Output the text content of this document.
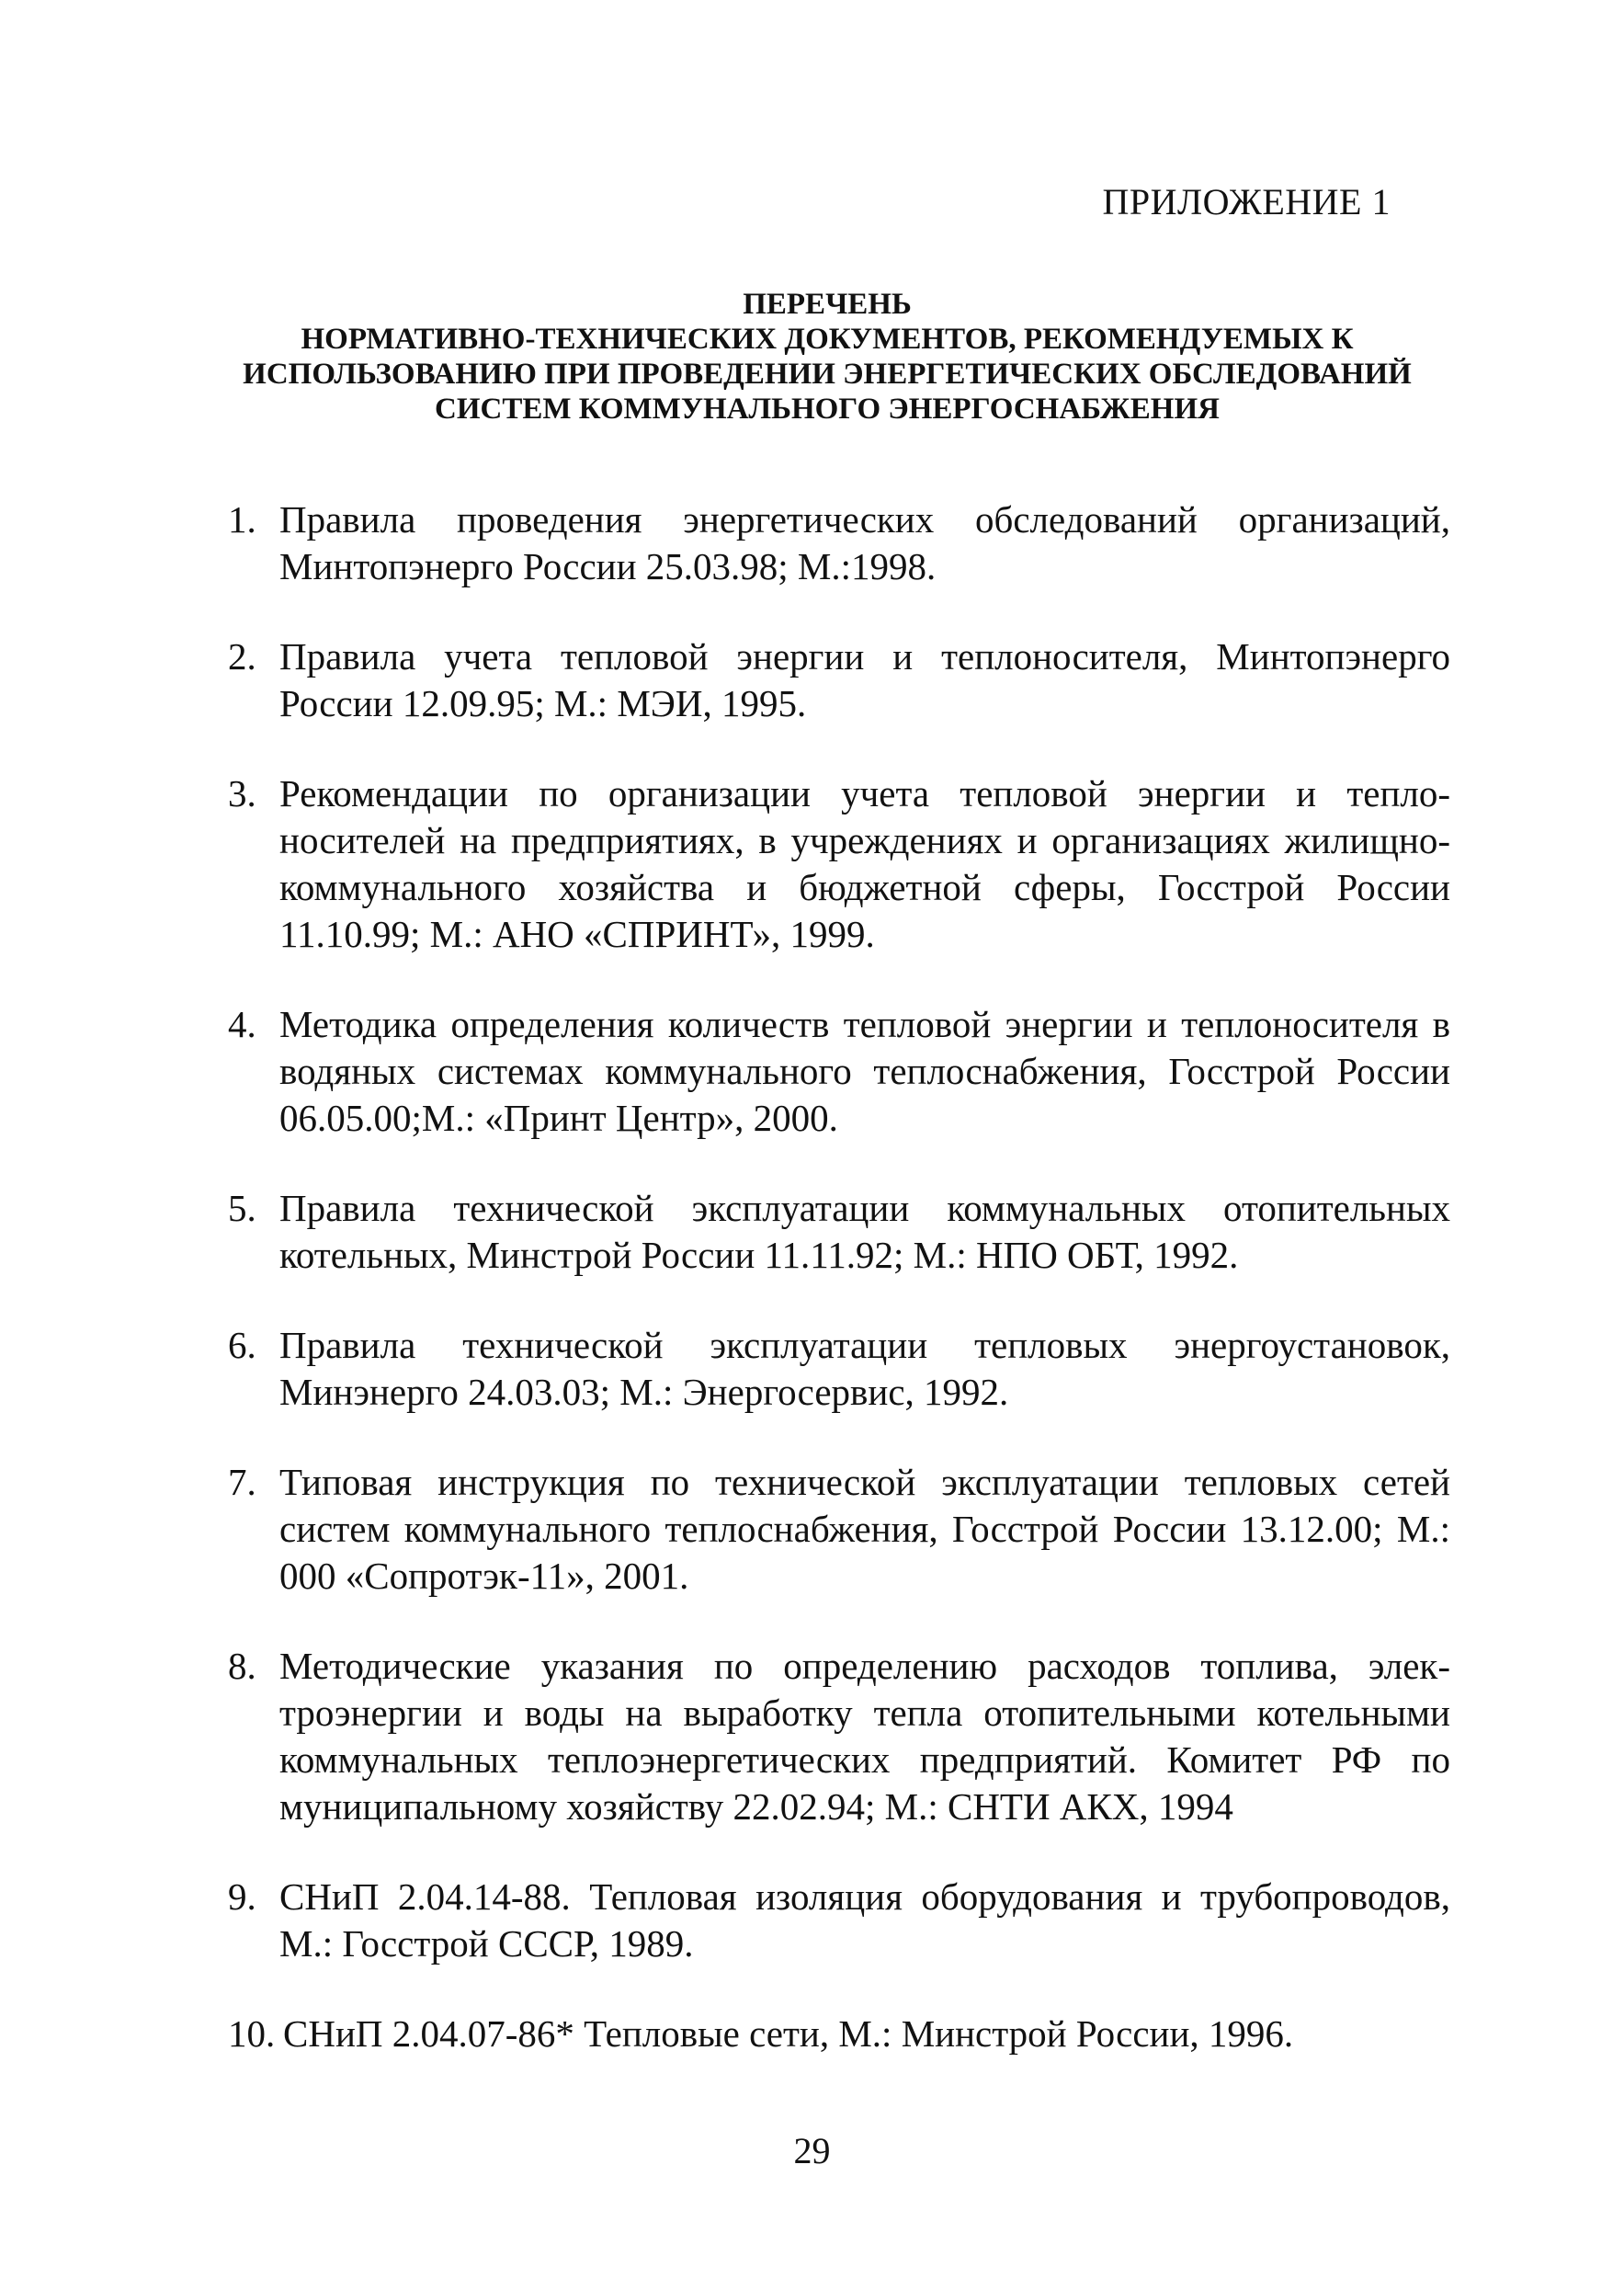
ПРИЛОЖЕНИЕ 1
ПЕРЕЧЕНЬ
НОРМАТИВНО-ТЕХНИЧЕСКИХ ДОКУМЕНТОВ, РЕКОМЕНДУЕМЫХ К
ИСПОЛЬЗОВАНИЮ ПРИ ПРОВЕДЕНИИ ЭНЕРГЕТИЧЕСКИХ ОБСЛЕДОВАНИЙ
СИСТЕМ КОММУНАЛЬНОГО ЭНЕРГОСНАБЖЕНИЯ
1. Правила проведения энергетических обследований организаций, Минтопэнерго России 25.03.98; М.:1998.
2. Правила учета тепловой энергии и теплоносителя, Минтопэнерго России 12.09.95; М.: МЭИ, 1995.
3. Рекомендации по организации учета тепловой энергии и тепло-носителей на предприятиях, в учреждениях и организациях жилищно-коммунального хозяйства и бюджетной сферы, Госстрой России 11.10.99; М.: АНО «СПРИНТ», 1999.
4. Методика определения количеств тепловой энергии и теплоносителя в водяных системах коммунального теплоснабжения, Госстрой России 06.05.00;М.: «Принт Центр», 2000.
5. Правила технической эксплуатации коммунальных отопительных котельных, Минстрой России 11.11.92; М.: НПО ОБТ, 1992.
6. Правила технической эксплуатации тепловых энергоустановок, Минэнерго 24.03.03; М.: Энергосервис, 1992.
7. Типовая инструкция по технической эксплуатации тепловых сетей систем коммунального теплоснабжения, Госстрой России 13.12.00; М.: 000 «Сопротэк-11», 2001.
8. Методические указания по определению расходов топлива, элек-троэнергии и воды на выработку тепла отопительными котельными коммунальных теплоэнергетических предприятий. Комитет РФ по муниципальному хозяйству 22.02.94; М.: СНТИ АКХ, 1994
9. СНиП 2.04.14-88. Тепловая изоляция оборудования и трубопроводов, М.: Госстрой СССР, 1989.
10. СНиП 2.04.07-86* Тепловые сети, М.: Минстрой России, 1996.
29
